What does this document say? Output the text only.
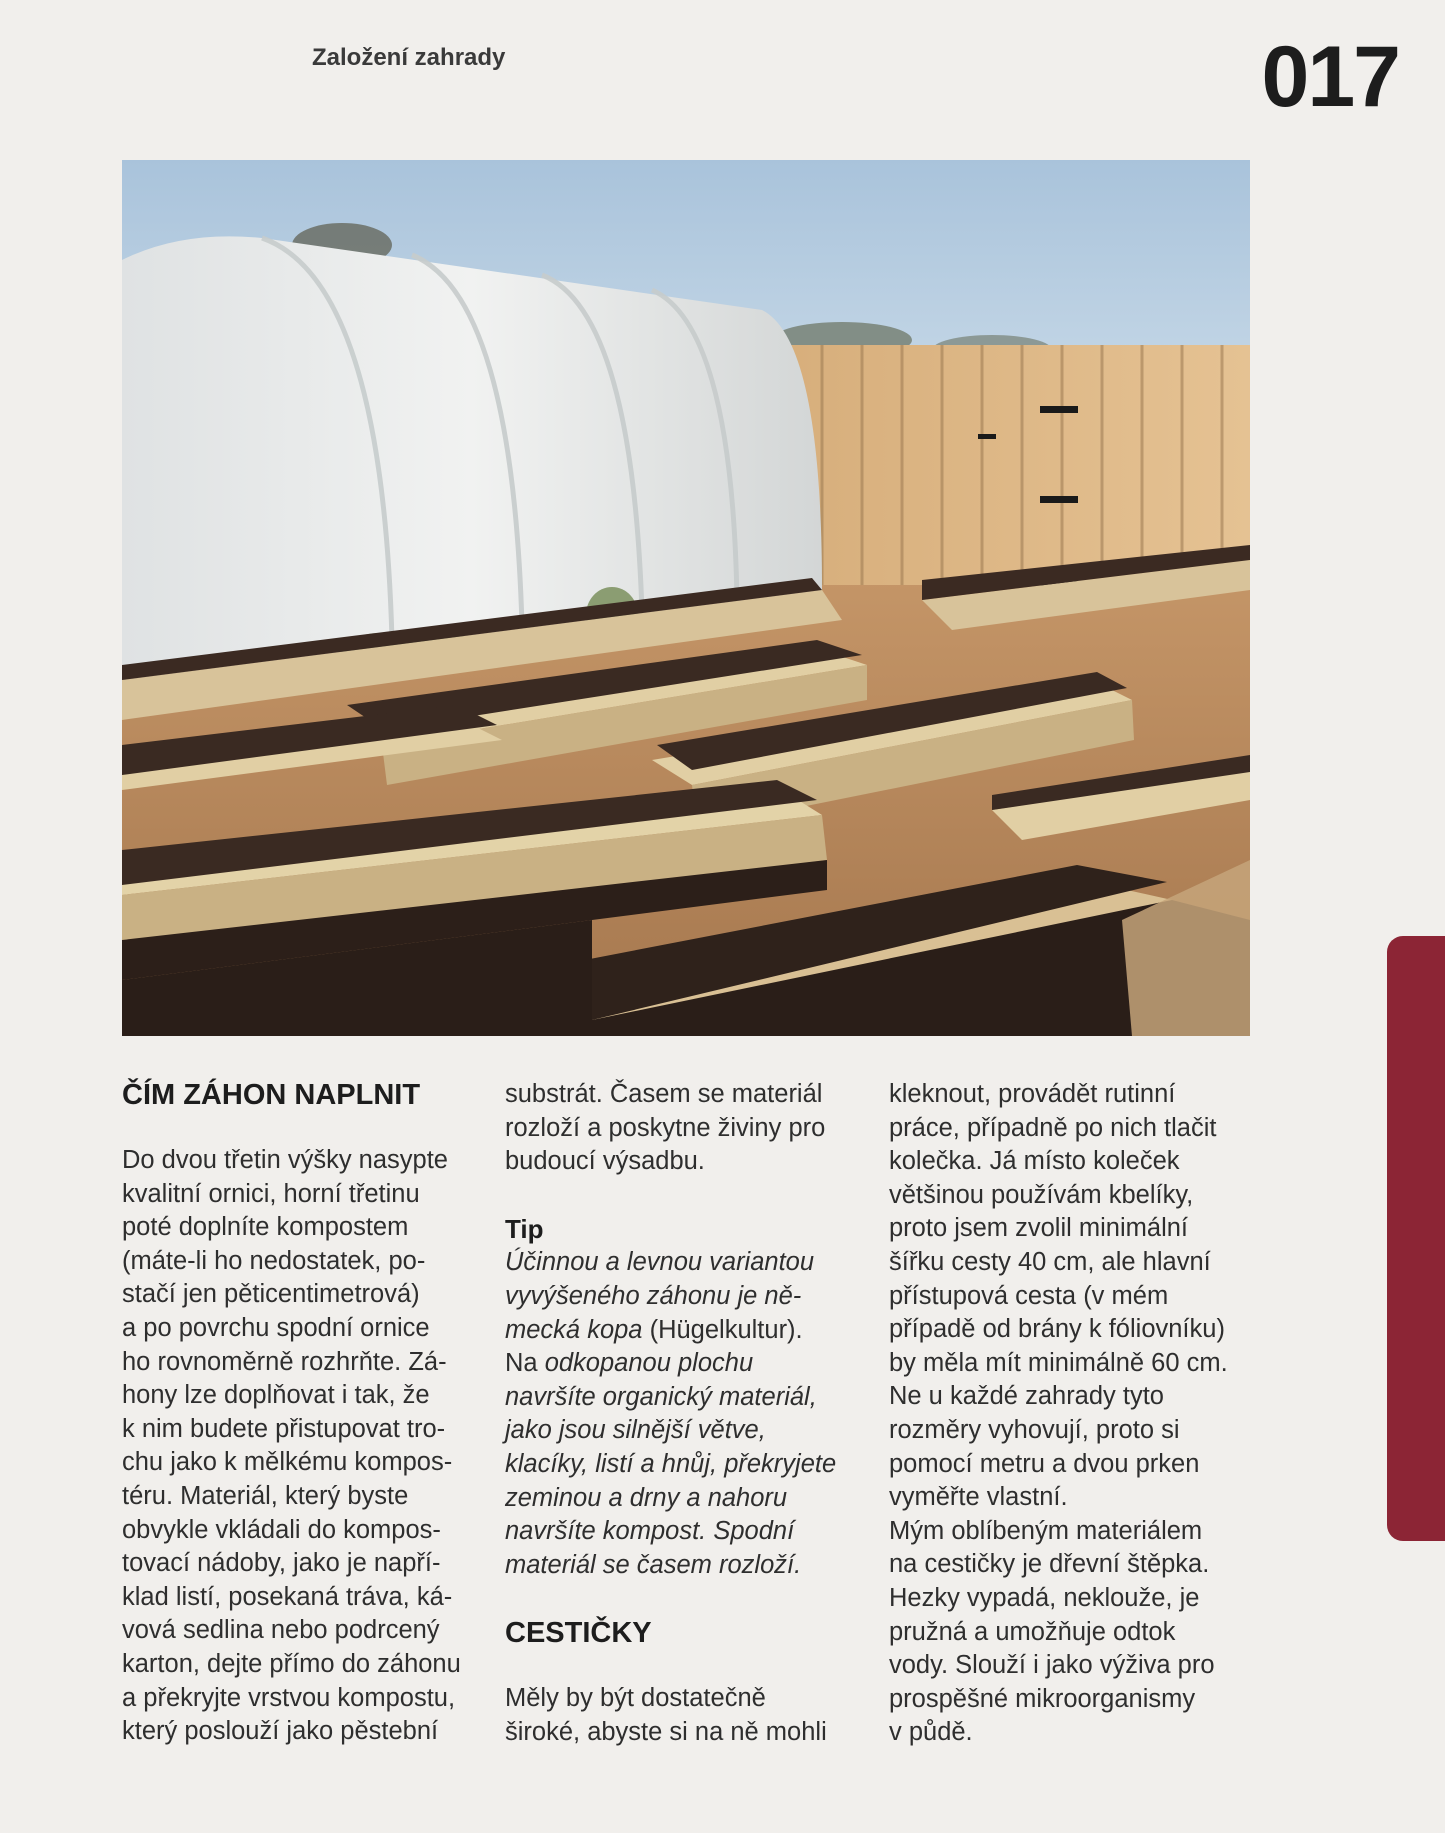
Založení zahrady	017
ČÍM ZÁHON NAPLNIT
Do dvou třetin výšky nasypte
kvalitní ornici, horní třetinu
poté doplníte kompostem
(máte-li ho nedostatek, po-
stačí jen pěticentimetrová)
a po povrchu spodní ornice
ho rovnoměrně rozhrňte. Zá-
hony lze doplňovat i tak, že
k nim budete přistupovat tro-
chu jako k mělkému kompos-
téru. Materiál, který byste
obvykle vkládali do kompos-
tovací nádoby, jako je napří-
klad listí, posekaná tráva, ká-
vová sedlina nebo podrcený
karton, dejte přímo do záhonu
a překryjte vrstvou kompostu,
který poslouží jako pěstební
substrát. Časem se materiál
rozloží a poskytne živiny pro
budoucí výsadbu.
Tip
Účinnou a levnou variantou
vyvýšeného záhonu je ně-
mecká kopa (Hügelkultur).
Na odkopanou plochu
navršíte organický materiál,
jako jsou silnější větve,
klacíky, listí a hnůj, překryjete
zeminou a drny a nahoru
navršíte kompost. Spodní
materiál se časem rozloží.
CESTIČKY
Měly by být dostatečně
široké, abyste si na ně mohli
kleknout, provádět rutinní
práce, případně po nich tlačit
kolečka. Já místo koleček
většinou používám kbelíky,
proto jsem zvolil minimální
šířku cesty 40 cm, ale hlavní
přístupová cesta (v mém
případě od brány k fóliovníku)
by měla mít minimálně 60 cm.
Ne u každé zahrady tyto
rozměry vyhovují, proto si
pomocí metru a dvou prken
vyměřte vlastní.
Mým oblíbeným materiálem
na cestičky je dřevní štěpka.
Hezky vypadá, neklouže, je
pružná a umožňuje odtok
vody. Slouží i jako výživa pro
prospěšné mikroorganismy
v půdě.
